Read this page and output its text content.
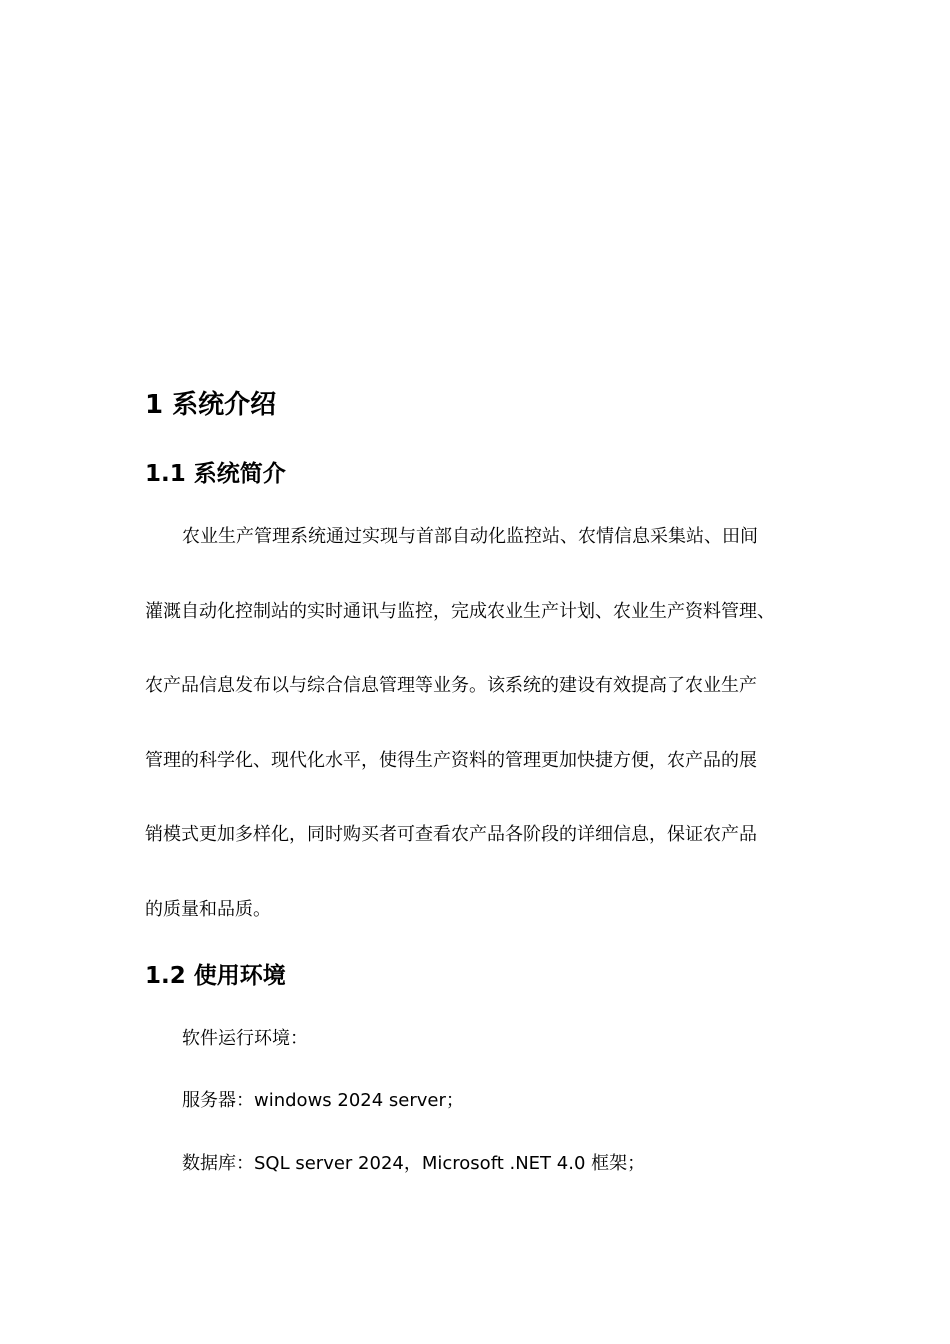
1 系统介绍
1.1 系统简介
农业生产管理系统通过实现与首部自动化监控站、农情信息采集站、田间
灌溉自动化控制站的实时通讯与监控，完成农业生产计划、农业生产资料管理、
农产品信息发布以与综合信息管理等业务。该系统的建设有效提高了农业生产
管理的科学化、现代化水平，使得生产资料的管理更加快捷方便，农产品的展
销模式更加多样化，同时购买者可查看农产品各阶段的详细信息，保证农产品
的质量和品质。
1.2 使用环境
软件运行环境：
服务器：windows 2024 server；
数据库：SQL server 2024，Microsoft .NET 4.0 框架；
